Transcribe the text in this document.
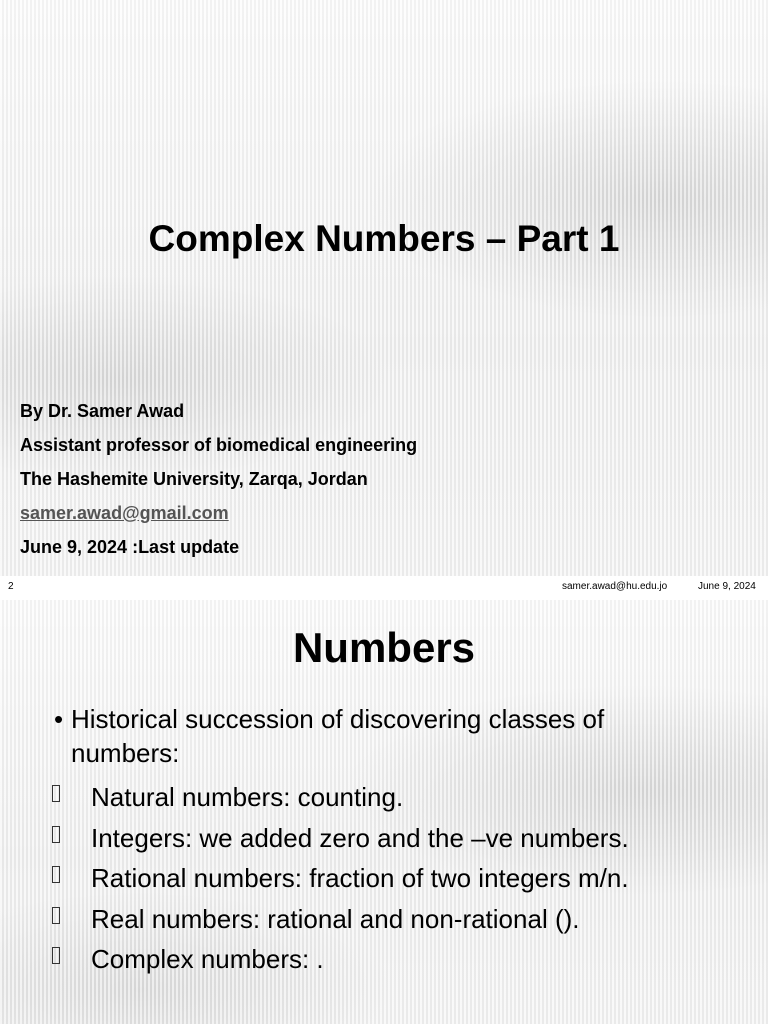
Complex Numbers – Part 1
By Dr. Samer Awad
Assistant professor of biomedical engineering
The Hashemite University, Zarqa, Jordan
samer.awad@gmail.com
June 9, 2024 :Last update
2	samer.awad@hu.edu.jo	June 9, 2024
Numbers
• Historical succession of discovering classes of numbers:
Natural numbers: counting.
Integers: we added zero and the –ve numbers.
Rational numbers: fraction of two integers m/n.
Real numbers: rational and non-rational ().
Complex numbers: .
